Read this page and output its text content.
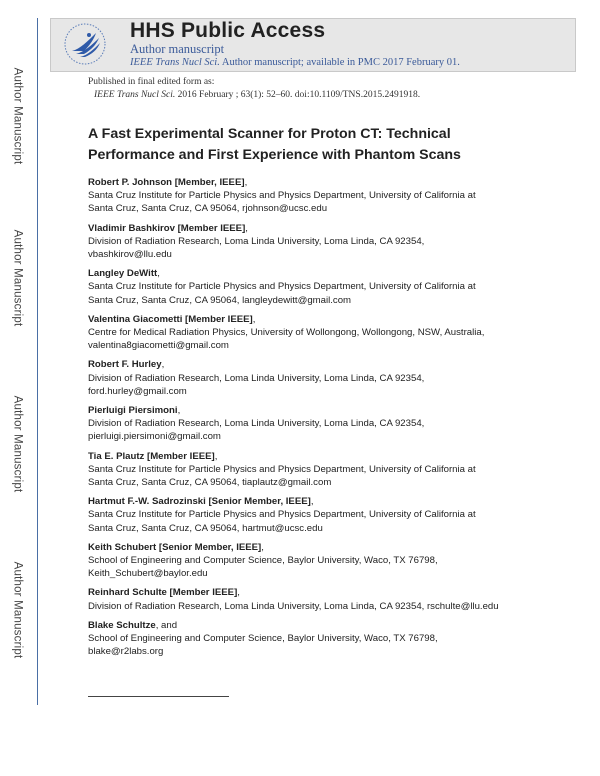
Author Manuscript
Author Manuscript
Author Manuscript
Author Manuscript
HHS Public Access
Author manuscript
IEEE Trans Nucl Sci. Author manuscript; available in PMC 2017 February 01.
Published in final edited form as:
IEEE Trans Nucl Sci. 2016 February ; 63(1): 52–60. doi:10.1109/TNS.2015.2491918.
A Fast Experimental Scanner for Proton CT: Technical Performance and First Experience with Phantom Scans
Robert P. Johnson [Member, IEEE],
Santa Cruz Institute for Particle Physics and Physics Department, University of California at
Santa Cruz, Santa Cruz, CA 95064, rjohnson@ucsc.edu
Vladimir Bashkirov [Member IEEE],
Division of Radiation Research, Loma Linda University, Loma Linda, CA 92354,
vbashkirov@llu.edu
Langley DeWitt,
Santa Cruz Institute for Particle Physics and Physics Department, University of California at
Santa Cruz, Santa Cruz, CA 95064, langleydewitt@gmail.com
Valentina Giacometti [Member IEEE],
Centre for Medical Radiation Physics, University of Wollongong, Wollongong, NSW, Australia,
valentina8giacometti@gmail.com
Robert F. Hurley,
Division of Radiation Research, Loma Linda University, Loma Linda, CA 92354,
ford.hurley@gmail.com
Pierluigi Piersimoni,
Division of Radiation Research, Loma Linda University, Loma Linda, CA 92354,
pierluigi.piersimoni@gmail.com
Tia E. Plautz [Member IEEE],
Santa Cruz Institute for Particle Physics and Physics Department, University of California at
Santa Cruz, Santa Cruz, CA 95064, tiaplautz@gmail.com
Hartmut F.-W. Sadrozinski [Senior Member, IEEE],
Santa Cruz Institute for Particle Physics and Physics Department, University of California at
Santa Cruz, Santa Cruz, CA 95064, hartmut@ucsc.edu
Keith Schubert [Senior Member, IEEE],
School of Engineering and Computer Science, Baylor University, Waco, TX 76798,
Keith_Schubert@baylor.edu
Reinhard Schulte [Member IEEE],
Division of Radiation Research, Loma Linda University, Loma Linda, CA 92354, rschulte@llu.edu
Blake Schultze, and
School of Engineering and Computer Science, Baylor University, Waco, TX 76798,
blake@r2labs.org
